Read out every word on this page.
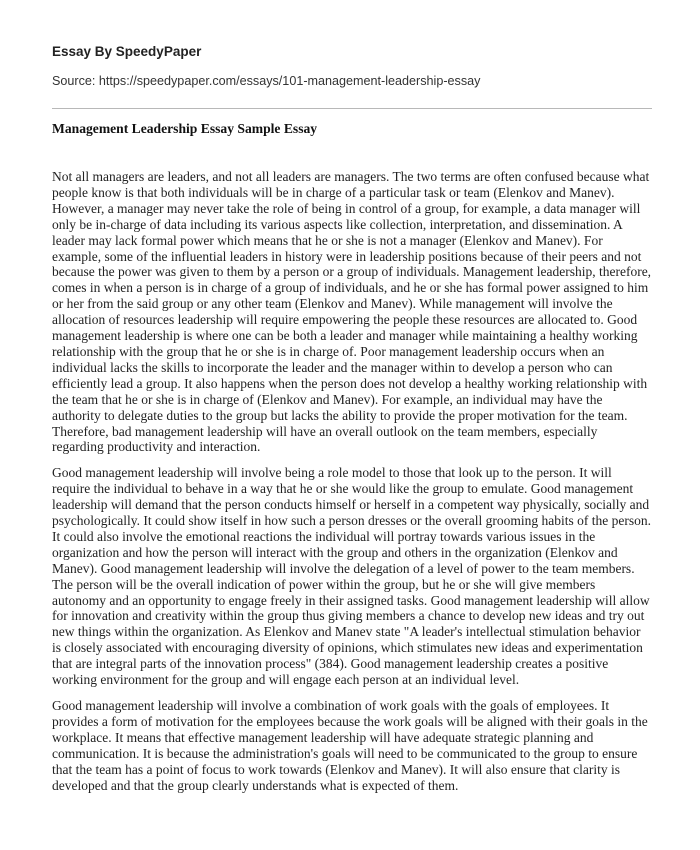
Essay By SpeedyPaper
Source: https://speedypaper.com/essays/101-management-leadership-essay
Management Leadership Essay Sample Essay

Not all managers are leaders, and not all leaders are managers. The two terms are often confused because what people know is that both individuals will be in charge of a particular task or team (Elenkov and Manev). However, a manager may never take the role of being in control of a group, for example, a data manager will only be in-charge of data including its various aspects like collection, interpretation, and dissemination. A leader may lack formal power which means that he or she is not a manager (Elenkov and Manev). For example, some of the influential leaders in history were in leadership positions because of their peers and not because the power was given to them by a person or a group of individuals. Management leadership, therefore, comes in when a person is in charge of a group of individuals, and he or she has formal power assigned to him or her from the said group or any other team (Elenkov and Manev). While management will involve the allocation of resources leadership will require empowering the people these resources are allocated to. Good management leadership is where one can be both a leader and manager while maintaining a healthy working relationship with the group that he or she is in charge of. Poor management leadership occurs when an individual lacks the skills to incorporate the leader and the manager within to develop a person who can efficiently lead a group. It also happens when the person does not develop a healthy working relationship with the team that he or she is in charge of (Elenkov and Manev). For example, an individual may have the authority to delegate duties to the group but lacks the ability to provide the proper motivation for the team. Therefore, bad management leadership will have an overall outlook on the team members, especially regarding productivity and interaction.

Good management leadership will involve being a role model to those that look up to the person. It will require the individual to behave in a way that he or she would like the group to emulate. Good management leadership will demand that the person conducts himself or herself in a competent way physically, socially and psychologically. It could show itself in how such a person dresses or the overall grooming habits of the person. It could also involve the emotional reactions the individual will portray towards various issues in the organization and how the person will interact with the group and others in the organization (Elenkov and Manev). Good management leadership will involve the delegation of a level of power to the team members. The person will be the overall indication of power within the group, but he or she will give members autonomy and an opportunity to engage freely in their assigned tasks. Good management leadership will allow for innovation and creativity within the group thus giving members a chance to develop new ideas and try out new things within the organization. As Elenkov and Manev state "A leader's intellectual stimulation behavior is closely associated with encouraging diversity of opinions, which stimulates new ideas and experimentation that are integral parts of the innovation process" (384). Good management leadership creates a positive working environment for the group and will engage each person at an individual level.

Good management leadership will involve a combination of work goals with the goals of employees. It provides a form of motivation for the employees because the work goals will be aligned with their goals in the workplace. It means that effective management leadership will have adequate strategic planning and communication. It is because the administration's goals will need to be communicated to the group to ensure that the team has a point of focus to work towards (Elenkov and Manev). It will also ensure that clarity is developed and that the group clearly understands what is expected of them.
